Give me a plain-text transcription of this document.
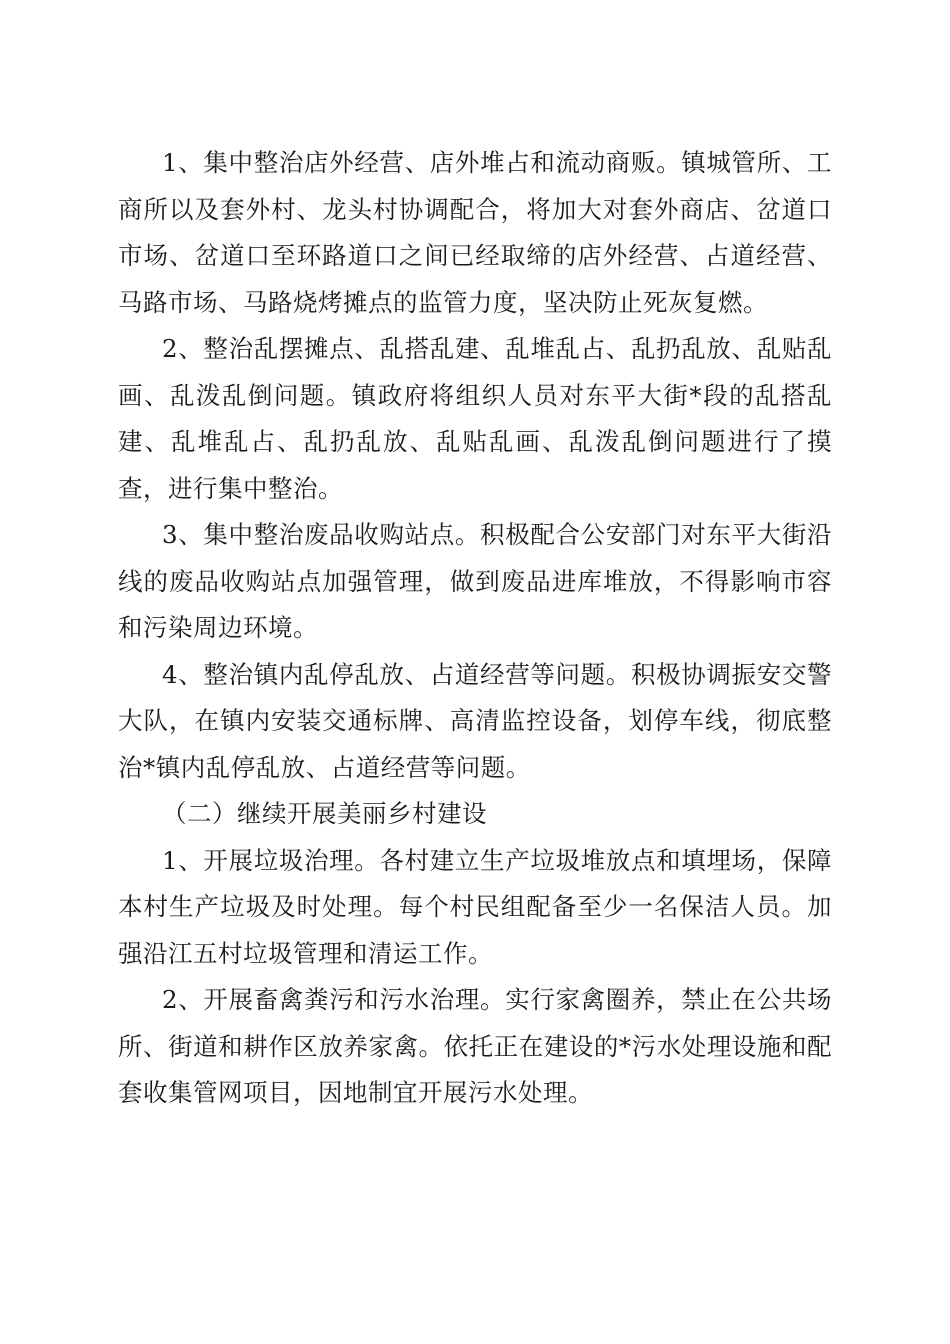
1、集中整治店外经营、店外堆占和流动商贩。镇城管所、工商所以及套外村、龙头村协调配合，将加大对套外商店、岔道口市场、岔道口至环路道口之间已经取缔的店外经营、占道经营、马路市场、马路烧烤摊点的监管力度，坚决防止死灰复燃。

2、整治乱摆摊点、乱搭乱建、乱堆乱占、乱扔乱放、乱贴乱画、乱泼乱倒问题。镇政府将组织人员对东平大街*段的乱搭乱建、乱堆乱占、乱扔乱放、乱贴乱画、乱泼乱倒问题进行了摸查，进行集中整治。

3、集中整治废品收购站点。积极配合公安部门对东平大街沿线的废品收购站点加强管理，做到废品进库堆放，不得影响市容和污染周边环境。

4、整治镇内乱停乱放、占道经营等问题。积极协调振安交警大队，在镇内安装交通标牌、高清监控设备，划停车线，彻底整治*镇内乱停乱放、占道经营等问题。

（二）继续开展美丽乡村建设

1、开展垃圾治理。各村建立生产垃圾堆放点和填埋场，保障本村生产垃圾及时处理。每个村民组配备至少一名保洁人员。加强沿江五村垃圾管理和清运工作。

2、开展畜禽粪污和污水治理。实行家禽圈养，禁止在公共场所、街道和耕作区放养家禽。依托正在建设的*污水处理设施和配套收集管网项目，因地制宜开展污水处理。
